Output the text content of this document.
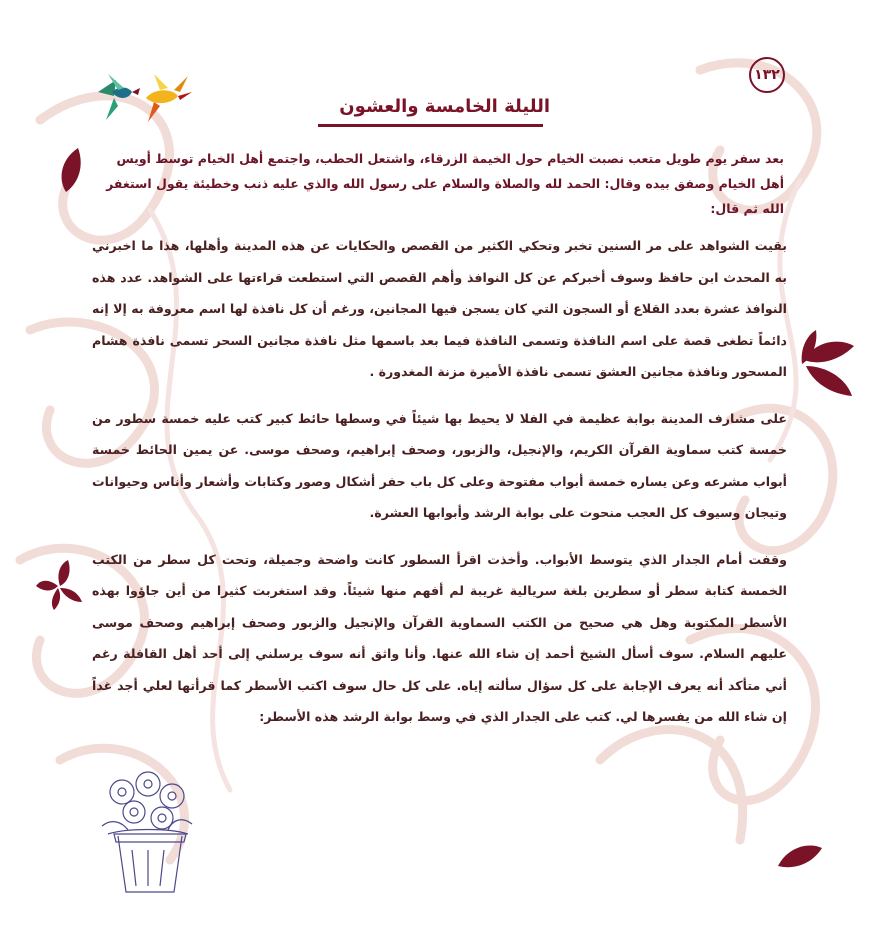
١٣٢
الليلة الخامسة والعشون

بعد سفر يوم طويل متعب نصبت الخيام حول الخيمة الزرقاء، واشتعل الحطب، واجتمع أهل الخيام توسط أويس أهل الخيام وصفق بيده وقال: الحمد لله والصلاة والسلام على رسول الله والذي عليه ذنب وخطيئة يقول استغفر الله ثم قال:

بقيت الشواهد على مر السنين تخبر وتحكي الكثير من القصص والحكايات عن هذه المدينة وأهلها، هذا ما اخبرني به المحدث ابن حافظ وسوف أخبركم عن كل النوافذ وأهم القصص التي استطعت قراءتها على الشواهد. عدد هذه النوافذ عشرة بعدد القلاع أو السجون التي كان يسجن فيها المجانين، ورغم أن كل نافذة لها اسم معروفة به إلا إنه دائماً تطغى قصة على اسم النافذة وتسمى النافذة فيما بعد باسمها مثل نافذة مجانين السحر تسمى نافذة هشام المسحور ونافذة مجانين العشق تسمى نافذة الأميرة مزنة المغدورة .

على مشارف المدينة بوابة عظيمة في الفلا لا يحيط بها شيئاً في وسطها حائط كبير كتب عليه خمسة سطور من خمسة كتب سماوية القرآن الكريم، والإنجيل، والزبور، وصحف إبراهيم، وصحف موسى. عن يمين الحائط خمسة أبواب مشرعه وعن يساره خمسة أبواب مفتوحة وعلى كل باب حفر أشكال وصور وكتابات وأشعار وأناس وحيوانات وتيجان وسيوف كل العجب منحوت على بوابة الرشد وأبوابها العشرة.

وقفت أمام الجدار الذي يتوسط الأبواب. وأخذت اقرأ السطور كانت واضحة وجميلة، وتحت كل سطر من الكتب الخمسة كتابة سطر أو سطرين بلغة سريالية غريبة لم أفهم منها شيئاً. وقد استغربت كثيرا من أين جاؤوا بهذه الأسطر المكتوبة وهل هي صحيح من الكتب السماوية القرآن والإنجيل والزبور وصحف إبراهيم وصحف موسى عليهم السلام. سوف أسأل الشيخ أحمد إن شاء الله عنها. وأنا واثق أنه سوف يرسلني إلى أحد أهل القافلة رغم أني متأكد أنه يعرف الإجابة على كل سؤال سألته إياه. على كل حال سوف اكتب الأسطر كما قرأتها لعلي أجد غداً إن شاء الله من يفسرها لي. كتب على الجدار الذي في وسط بوابة الرشد هذه الأسطر:
